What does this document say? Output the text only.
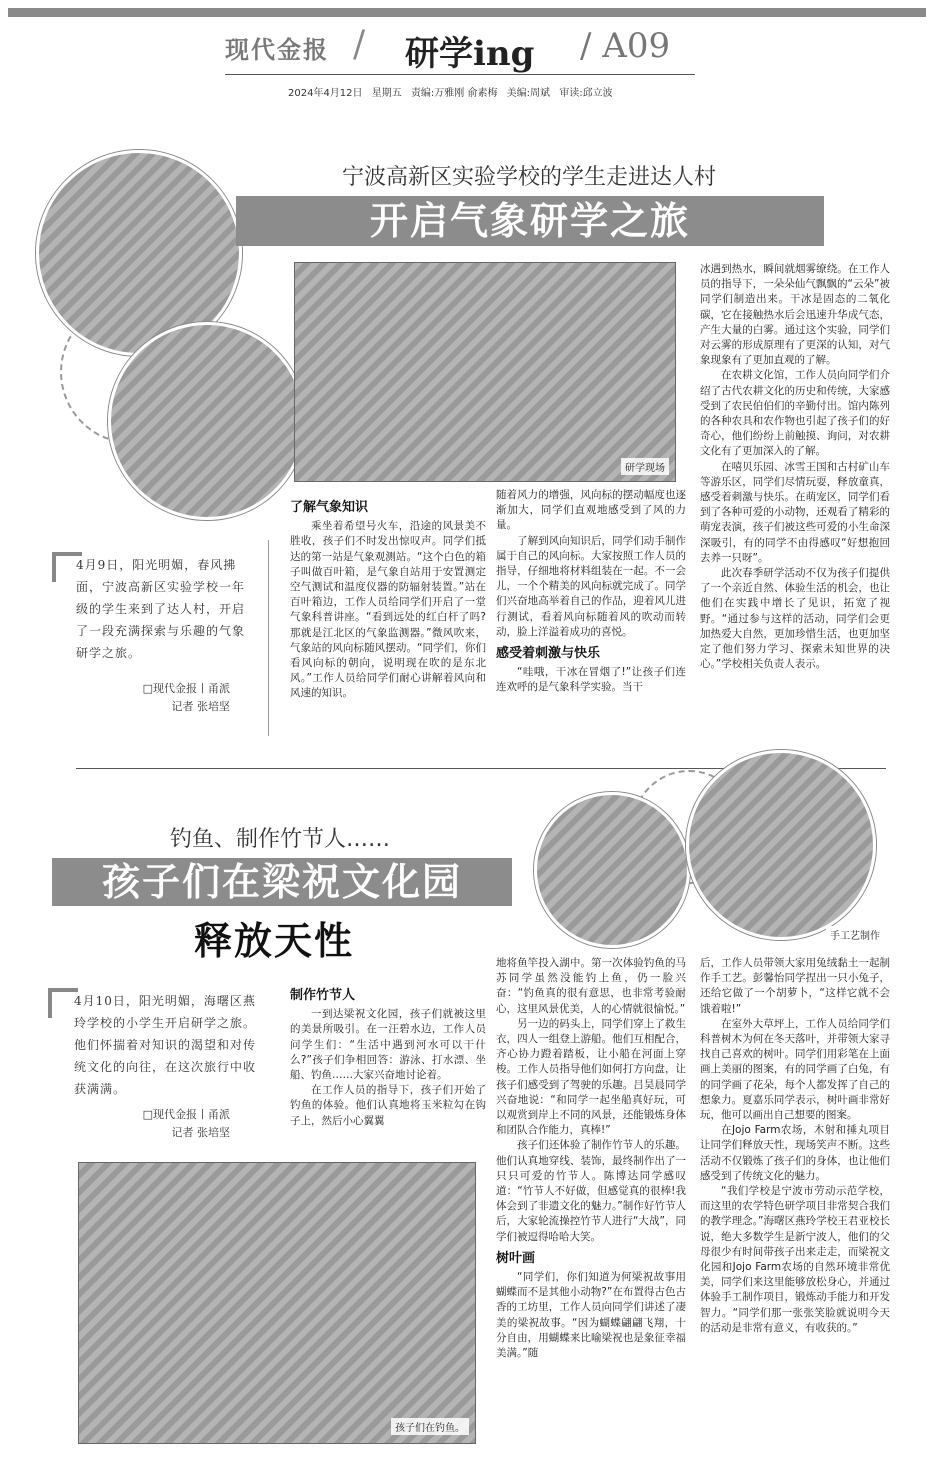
现代金报 / 研学ing / A09
2024年4月12日 星期五 责编:万雅刚 俞素梅 美编:周斌 审读:邱立波
宁波高新区实验学校的学生走进达人村
开启气象研学之旅
研学现场
4月9日，阳光明媚，春风拂面，宁波高新区实验学校一年级的学生来到了达人村，开启了一段充满探索与乐趣的气象研学之旅。
□现代金报丨甬派
记者 张培坚
了解气象知识

乘坐着希望号火车，沿途的风景美不胜收，孩子们不时发出惊叹声。同学们抵达的第一站是气象观测站。“这个白色的箱子叫做百叶箱，是气象自站用于安置测定空气测试和温度仪器的防辐射装置。”站在百叶箱边，工作人员给同学们开启了一堂气象科普讲座。“看到远处的红白杆了吗?那就是江北区的气象监测器。”微风吹来，气象站的风向标随风摆动。“同学们，你们看风向标的朝向，说明现在吹的是东北风。”工作人员给同学们耐心讲解着风向和风速的知识。

随着风力的增强，风向标的摆动幅度也逐渐加大，同学们直观地感受到了风的力量。

了解到风向知识后，同学们动手制作属于自己的风向标。大家按照工作人员的指导，仔细地将材料组装在一起。不一会儿，一个个精美的风向标就完成了。同学们兴奋地高举着自己的作品，迎着风儿进行测试，看着风向标随着风的吹动而转动，脸上洋溢着成功的喜悦。

感受着刺激与快乐

“哇哦，干冰在冒烟了!”让孩子们连连欢呼的是气象科学实验。当干

冰遇到热水，瞬间就烟雾缭绕。在工作人员的指导下，一朵朵仙气飘飘的“云朵”被同学们制造出来。干冰是固态的二氧化碳，它在接触热水后会迅速升华成气态，产生大量的白雾。通过这个实验，同学们对云雾的形成原理有了更深的认知，对气象现象有了更加直观的了解。

在农耕文化馆，工作人员向同学们介绍了古代农耕文化的历史和传统，大家感受到了农民伯伯们的辛勤付出。馆内陈列的各种农具和农作物也引起了孩子们的好奇心，他们纷纷上前触摸、询问，对农耕文化有了更加深入的了解。

在嘻贝乐园、冰雪王国和古村矿山车等游乐区，同学们尽情玩耍，释放童真，感受着刺激与快乐。在萌宠区，同学们看到了各种可爱的小动物，还观看了精彩的萌宠表演，孩子们被这些可爱的小生命深深吸引，有的同学不由得感叹“好想抱回去养一只呀”。

此次春季研学活动不仅为孩子们提供了一个亲近自然、体验生活的机会，也让他们在实践中增长了见识，拓宽了视野。“通过参与这样的活动，同学们会更加热爱大自然，更加珍惜生活，也更加坚定了他们努力学习、探索未知世界的决心。”学校相关负责人表示。

手工艺制作
钓鱼、制作竹节人……
孩子们在梁祝文化园
释放天性
4月10日，阳光明媚，海曙区燕玲学校的小学生开启研学之旅。他们怀揣着对知识的渴望和对传统文化的向往，在这次旅行中收获满满。
□现代金报丨甬派
记者 张培坚
孩子们在钓鱼。
制作竹节人

一到达梁祝文化园，孩子们就被这里的美景所吸引。在一汪碧水边，工作人员问学生们：“生活中遇到河水可以干什么?”孩子们争相回答：游泳、打水漂、坐船、钓鱼……大家兴奋地讨论着。

在工作人员的指导下，孩子们开始了钓鱼的体验。他们认真地将玉米粒勾在钩子上，然后小心翼翼

地将鱼竿投入湖中。第一次体验钓鱼的马苏同学虽然没能钓上鱼，仍一脸兴奋：“钓鱼真的很有意思，也非常考验耐心，这里风景优美，人的心情就很愉悦。”

另一边的码头上，同学们穿上了救生衣，四人一组登上游船。他们互相配合，齐心协力蹬着踏板，让小船在河面上穿梭。工作人员指导他们如何打方向盘，让孩子们感受到了驾驶的乐趣。吕昊晨同学兴奋地说：“和同学一起坐船真好玩，可以观赏到岸上不同的风景，还能锻炼身体和团队合作能力，真棒!”

孩子们还体验了制作竹节人的乐趣。他们认真地穿线、装饰，最终制作出了一只只可爱的竹节人。陈博达同学感叹道：“竹节人不好做，但感觉真的很棒!我体会到了非遗文化的魅力。”制作好竹节人后，大家轮流操控竹节人进行“大战”，同学们被逗得哈哈大笑。

树叶画

“同学们，你们知道为何梁祝故事用蝴蝶而不是其他小动物?”在布置得古色古香的工坊里，工作人员向同学们讲述了凄美的梁祝故事。“因为蝴蝶翩翩飞翔，十分自由，用蝴蝶来比喻梁祝也是象征幸福美满。”随

后，工作人员带领大家用兔绒黏土一起制作手工艺。彭馨怡同学捏出一只小兔子，还给它做了一个胡萝卜，“这样它就不会饿着啦!”

在室外大草坪上，工作人员给同学们科普树木为何在冬天落叶，并带领大家寻找自己喜欢的树叶。同学们用彩笔在上面画上美丽的图案，有的同学画了白兔，有的同学画了花朵，每个人都发挥了自己的想象力。夏嘉乐同学表示，树叶画非常好玩，他可以画出自己想要的图案。

在Jojo Farm农场，木射和捶丸项目让同学们释放天性，现场笑声不断。这些活动不仅锻炼了孩子们的身体，也让他们感受到了传统文化的魅力。

“我们学校是宁波市劳动示范学校，而这里的农学特色研学项目非常契合我们的教学理念。”海曙区燕玲学校王君亚校长说，绝大多数学生是新宁波人，他们的父母很少有时间带孩子出来走走，而梁祝文化园和Jojo Farm农场的自然环境非常优美，同学们来这里能够放松身心，并通过体验手工制作项目，锻炼动手能力和开发智力。“同学们那一张张笑脸就说明今天的活动是非常有意义，有收获的。”
